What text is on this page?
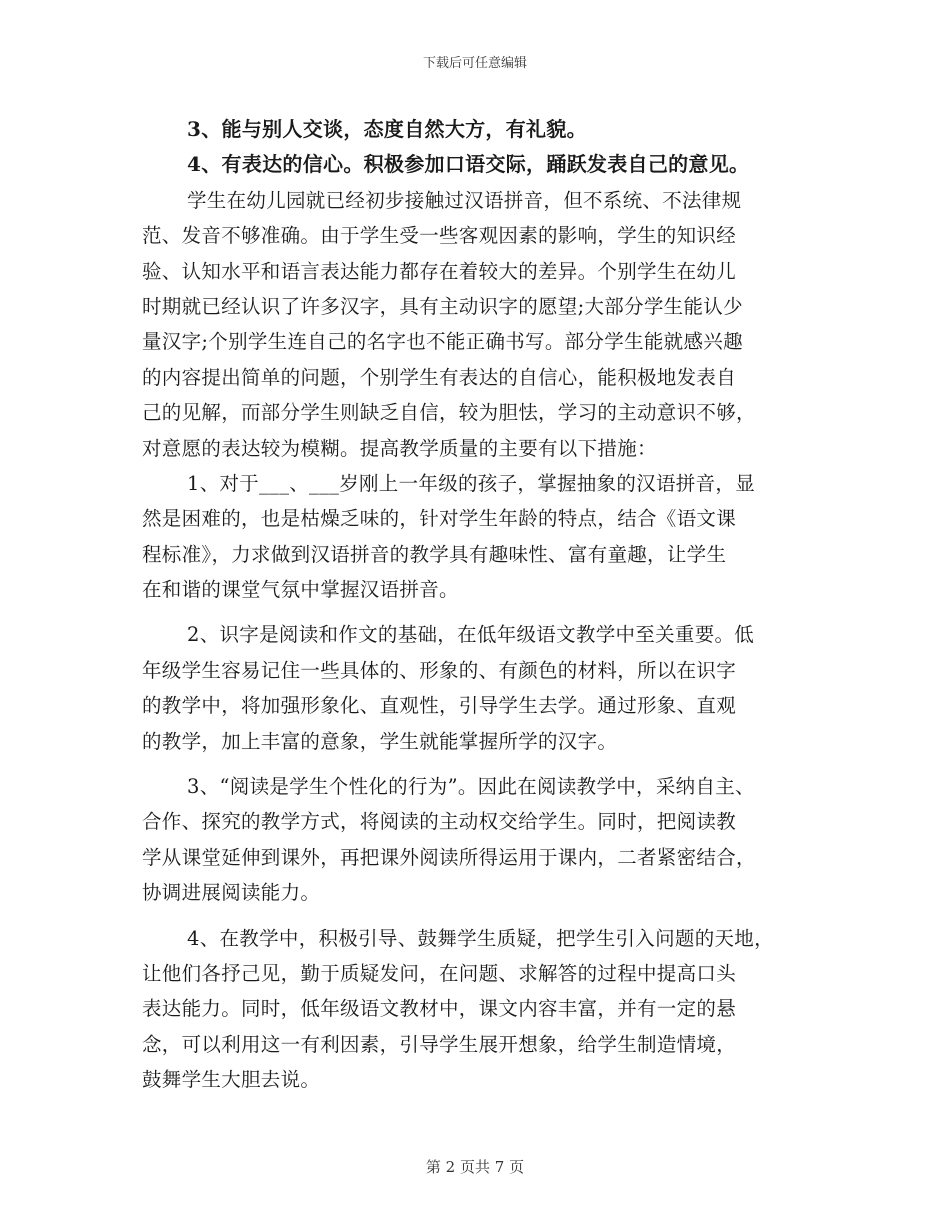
下载后可任意编辑
3、能与别人交谈，态度自然大方，有礼貌。
4、有表达的信心。积极参加口语交际，踊跃发表自己的意见。
学生在幼儿园就已经初步接触过汉语拼音，但不系统、不法律规
范、发音不够准确。由于学生受一些客观因素的影响，学生的知识经
验、认知水平和语言表达能力都存在着较大的差异。个别学生在幼儿
时期就已经认识了许多汉字，具有主动识字的愿望;大部分学生能认少
量汉字;个别学生连自己的名字也不能正确书写。部分学生能就感兴趣
的内容提出简单的问题，个别学生有表达的自信心，能积极地发表自
己的见解，而部分学生则缺乏自信，较为胆怯，学习的主动意识不够，
对意愿的表达较为模糊。提高教学质量的主要有以下措施：
1、对于___、___岁刚上一年级的孩子，掌握抽象的汉语拼音，显
然是困难的，也是枯燥乏味的，针对学生年龄的特点，结合《语文课
程标准》，力求做到汉语拼音的教学具有趣味性、富有童趣，让学生
在和谐的课堂气氛中掌握汉语拼音。
2、识字是阅读和作文的基础，在低年级语文教学中至关重要。低
年级学生容易记住一些具体的、形象的、有颜色的材料，所以在识字
的教学中，将加强形象化、直观性，引导学生去学。通过形象、直观
的教学，加上丰富的意象，学生就能掌握所学的汉字。
3、“阅读是学生个性化的行为”。因此在阅读教学中，采纳自主、
合作、探究的教学方式，将阅读的主动权交给学生。同时，把阅读教
学从课堂延伸到课外，再把课外阅读所得运用于课内，二者紧密结合，
协调进展阅读能力。
4、在教学中，积极引导、鼓舞学生质疑，把学生引入问题的天地，
让他们各抒己见，勤于质疑发问，在问题、求解答的过程中提高口头
表达能力。同时，低年级语文教材中，课文内容丰富，并有一定的悬
念，可以利用这一有利因素，引导学生展开想象，给学生制造情境，
鼓舞学生大胆去说。
第 2 页共 7 页
